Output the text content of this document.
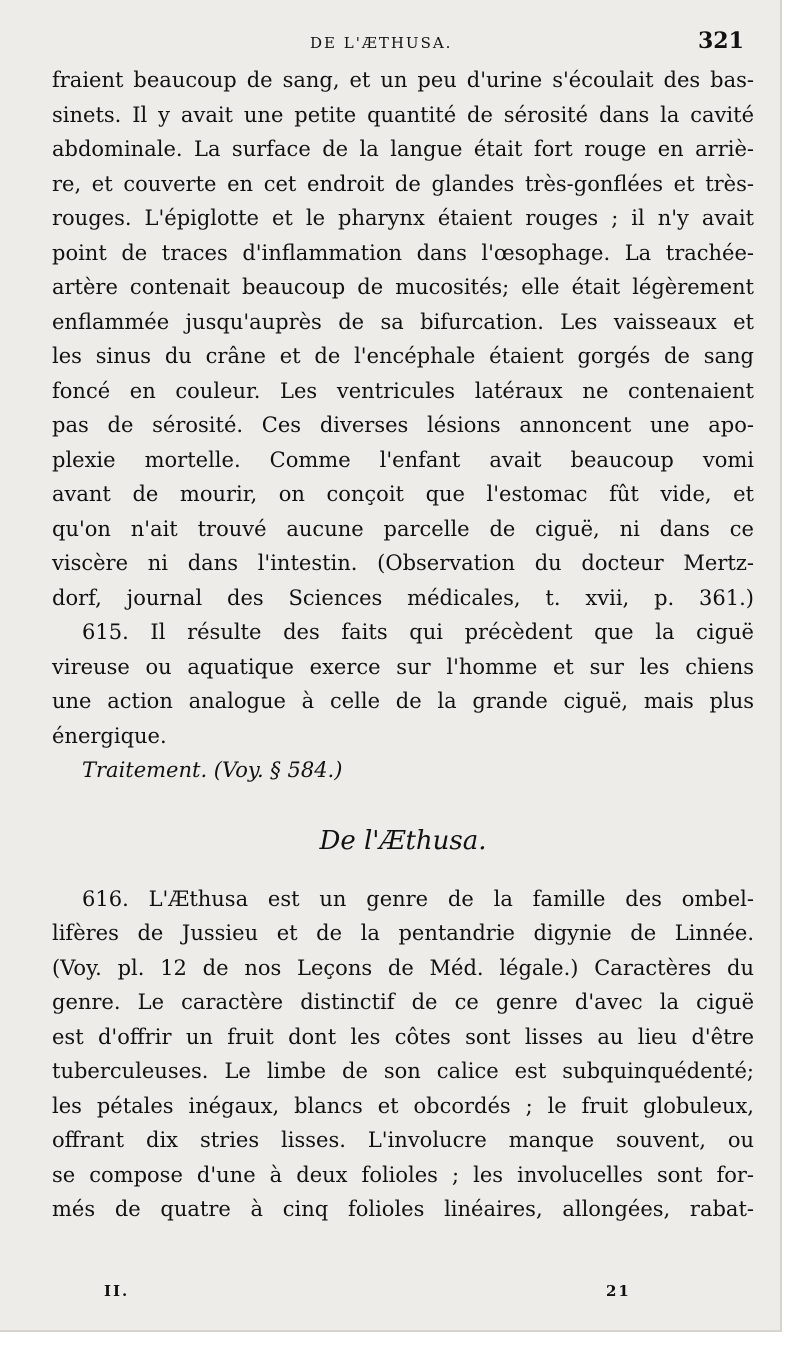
DE L'ÆTHUSA.	321
fraient beaucoup de sang, et un peu d'urine s'écoulait des bas-
sinets. Il y avait une petite quantité de sérosité dans la cavité
abdominale. La surface de la langue était fort rouge en arriè-
re, et couverte en cet endroit de glandes très-gonflées et très-
rouges. L'épiglotte et le pharynx étaient rouges ; il n'y avait
point de traces d'inflammation dans l'œsophage. La trachée-
artère contenait beaucoup de mucosités; elle était légèrement
enflammée jusqu'auprès de sa bifurcation. Les vaisseaux et
les sinus du crâne et de l'encéphale étaient gorgés de sang
foncé en couleur. Les ventricules latéraux ne contenaient
pas de sérosité. Ces diverses lésions annoncent une apo-
plexie mortelle. Comme l'enfant avait beaucoup vomi
avant de mourir, on conçoit que l'estomac fût vide, et
qu'on n'ait trouvé aucune parcelle de ciguë, ni dans ce
viscère ni dans l'intestin. (Observation du docteur Mertz-
dorf, journal des Sciences médicales, t. xvii, p. 361.)
615. Il résulte des faits qui précèdent que la ciguë
vireuse ou aquatique exerce sur l'homme et sur les chiens
une action analogue à celle de la grande ciguë, mais plus
énergique.
Traitement. (Voy. § 584.)
De l'Æthusa.
616. L'Æthusa est un genre de la famille des ombel-
lifères de Jussieu et de la pentandrie digynie de Linnée.
(Voy. pl. 12 de nos Leçons de Méd. légale.) Caractères du
genre. Le caractère distinctif de ce genre d'avec la ciguë
est d'offrir un fruit dont les côtes sont lisses au lieu d'être
tuberculeuses. Le limbe de son calice est subquinquédenté;
les pétales inégaux, blancs et obcordés ; le fruit globuleux,
offrant dix stries lisses. L'involucre manque souvent, ou
se compose d'une à deux folioles ; les involucelles sont for-
més de quatre à cinq folioles linéaires, allongées, rabat-
II.	21
